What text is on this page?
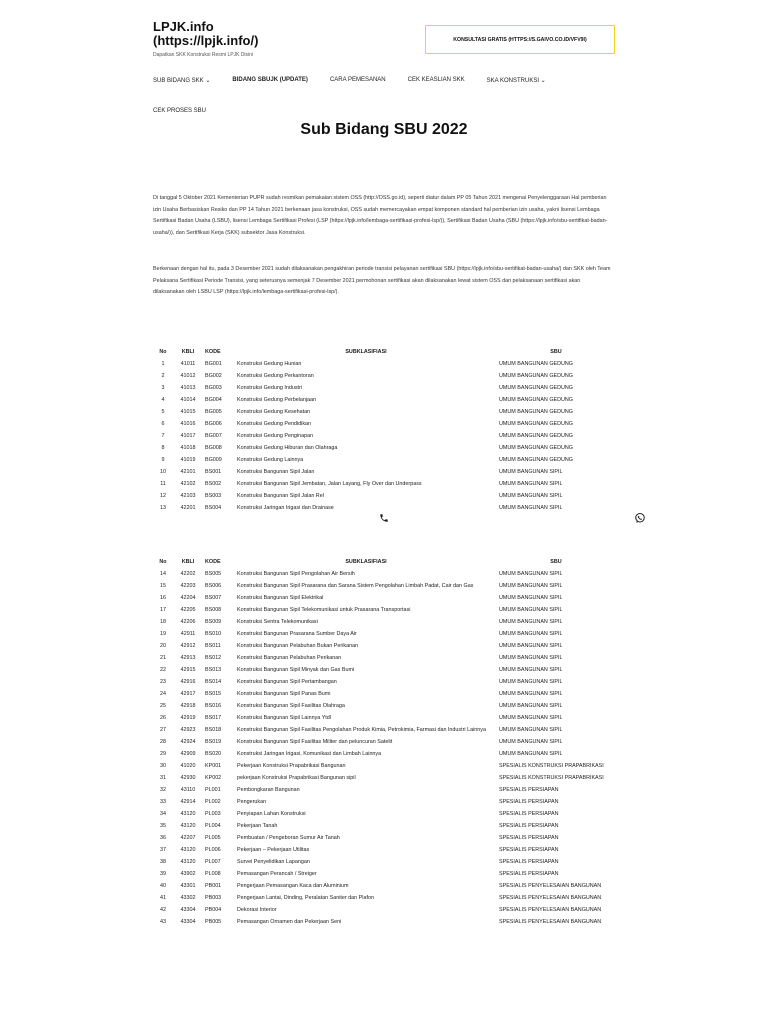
LPJK.info
(https://lpjk.info/)
Dapatkan SKK Konstruksi Resmi LPJK Disini
KONSULTASI GRATIS (HTTPS://S.GAIVO.CO.ID/VFV9I)
SUB BIDANG SKK ⌄	BIDANG SBUJK (UPDATE)	CARA PEMESANAN	CEK KEASLIAN SKK	SKA KONSTRUKSI ⌄
CEK PROSES SBU
Sub Bidang SBU 2022

Di tanggal 5 Oktober 2021 Kementerian PUPR sudah resmikan pemakaian sistem OSS (http://OSS.go.id), seperti diatur dalam PP 05 Tahun 2021 mengenai Penyelenggaraan Hal pemberian izin Usaha Berbasiskan Resiko dan PP 14 Tahun 2021 berkenaan jasa konstruksi, OSS sudah memercayakan empat komponen standard hal pemberian izin usaha, yakni lisensi Lembaga Sertifikasi Badan Usaha (LSBU), lisensi Lembaga Sertifikasi Profesi (LSP (https://lpjk.info/lembaga-sertifikasi-profesi-lsp/)), Sertifikasi Badan Usaha (SBU (https://lpjk.info/sbu-sertifikat-badan-usaha/)), dan Sertifikasi Kerja (SKK) subsektor Jasa Konstruksi.

Berkenaan dengan hal itu, pada 3 Desember 2021 sudah dilaksanakan pengakhiran periode transisi pelayanan sertifikasi SBU (https://lpjk.info/sbu-sertifikat-badan-usaha/) dan SKK oleh Team Pelaksana Sertifikasi Periode Transisi, yang seterusnya semenjak 7 Desember 2021 permohonan sertifikasi akan dilaksanakan lewat sistem OSS dan pelaksanaan sertifikasi akan dilaksanakan oleh LSBU LSP (https://lpjk.info/lembaga-sertifikasi-profesi-lsp/).

No	KBLI	KODE	SUBKLASIFIASI	SBU
1	41011	BG001	Konstruksi Gedung Hunian	UMUM BANGUNAN GEDUNG
2	41012	BG002	Konstruksi Gedung Perkantoran	UMUM BANGUNAN GEDUNG
3	41013	BG003	Konstruksi Gedung Industri	UMUM BANGUNAN GEDUNG
4	41014	BG004	Konstruksi Gedung Perbelanjaan	UMUM BANGUNAN GEDUNG
5	41015	BG005	Konstruksi Gedung Kesehatan	UMUM BANGUNAN GEDUNG
6	41016	BG006	Konstruksi Gedung Pendidikan	UMUM BANGUNAN GEDUNG
7	41017	BG007	Konstruksi Gedung Penginapan	UMUM BANGUNAN GEDUNG
8	41018	BG008	Konstruksi Gedung Hiburan dan Olahraga	UMUM BANGUNAN GEDUNG
9	41019	BG009	Konstruksi Gedung Lainnya	UMUM BANGUNAN GEDUNG
10	42101	BS001	Konstruksi Bangunan Sipil Jalan	UMUM BANGUNAN SIPIL
11	42102	BS002	Konstruksi Bangunan Sipil Jembatan, Jalan Layang, Fly Over dan Underpass	UMUM BANGUNAN SIPIL
12	42103	BS003	Konstruksi Bangunan Sipil Jalan Rel	UMUM BANGUNAN SIPIL
13	42201	BS004	Konstruksi Jaringan Irigasi dan Drainase	UMUM BANGUNAN SIPIL
No	KBLI	KODE	SUBKLASIFIASI	SBU
14	42202	BS005	Konstruksi Bangunan Sipil Pengolahan Air Bersih	UMUM BANGUNAN SIPIL
15	42203	BS006	Konstruksi Bangunan Sipil Prasarana dan Sarana Sistem Pengolahan Limbah Padat, Cair dan Gas	UMUM BANGUNAN SIPIL
16	42204	BS007	Konstruksi Bangunan Sipil Elektrikal	UMUM BANGUNAN SIPIL
17	42205	BS008	Konstruksi Bangunan Sipil Telekomunikasi untuk Prasarana Transportasi	UMUM BANGUNAN SIPIL
18	42206	BS009	Konstruksi Sentra Telekomunikasi	UMUM BANGUNAN SIPIL
19	42911	BS010	Konstruksi Bangunan Prasarana Sumber Daya Air	UMUM BANGUNAN SIPIL
20	42912	BS011	Konstruksi Bangunan Pelabuhan Bukan Perikanan	UMUM BANGUNAN SIPIL
21	42913	BS012	Konstruksi Bangunan Pelabuhan Perikanan	UMUM BANGUNAN SIPIL
22	42915	BS013	Konstruksi Bangunan Sipil Minyak dan Gas Bumi	UMUM BANGUNAN SIPIL
23	42916	BS014	Konstruksi Bangunan Sipil Pertambangan	UMUM BANGUNAN SIPIL
24	42917	BS015	Konstruksi Bangunan Sipil Panas Bumi	UMUM BANGUNAN SIPIL
25	42918	BS016	Konstruksi Bangunan Sipil Fasilitas Olahraga	UMUM BANGUNAN SIPIL
26	42919	BS017	Konstruksi Bangunan Sipil Lainnya Ytdl	UMUM BANGUNAN SIPIL
27	42923	BS018	Konstruksi Bangunan Sipil Fasilitas Pengolahan Produk Kimia, Petrokimia, Farmasi dan Industri Lainnya	UMUM BANGUNAN SIPIL
28	42924	BS019	Konstruksi Bangunan Sipil Fasilitas Militer dan peluncuran Satelit	UMUM BANGUNAN SIPIL
29	42909	BS020	Konstruksi Jaringan Irigasi, Komunikasi dan Limbah Lainnya	UMUM BANGUNAN SIPIL
30	41020	KP001	Pekerjaan Konstruksi Prapabrikasi Bangunan	SPESIALIS KONSTRUKSI PRAPABRIKASI
31	42930	KP002	pekerjaan Konstruksi Prapabrikasi Bangunan sipil	SPESIALIS KONSTRUKSI PRAPABRIKASI
32	43110	PL001	Pembongkaran Bangunan	SPESIALIS PERSIAPAN
33	42914	PL002	Pengerukan	SPESIALIS PERSIAPAN
34	43120	PL003	Penyiapan Lahan Konstruksi	SPESIALIS PERSIAPAN
35	43120	PL004	Pekerjaan Tanah	SPESIALIS PERSIAPAN
36	42207	PL005	Pembuatan / Pengeboran Sumur Air Tanah	SPESIALIS PERSIAPAN
37	43120	PL006	Pekerjaan – Pekerjaan Utilitas	SPESIALIS PERSIAPAN
38	43120	PL007	Survei Penyelidikan Lapangan	SPESIALIS PERSIAPAN
39	43902	PL008	Pemasangan Perancah / Streiger	SPESIALIS PERSIAPAN
40	43301	PB001	Pengerjaan Pemasangan Kaca dan Aluminium	SPESIALIS PENYELESAIAN BANGUNAN
41	43302	PB003	Pengerjaan Lantai, Dinding, Peralatan Saniter dan Plafon	SPESIALIS PENYELESAIAN BANGUNAN
42	43304	PB004	Dekorasi Interior	SPESIALIS PENYELESAIAN BANGUNAN
43	43304	PB005	Pemasangan Ornamen dan Pekerjaan Seni	SPESIALIS PENYELESAIAN BANGUNAN
